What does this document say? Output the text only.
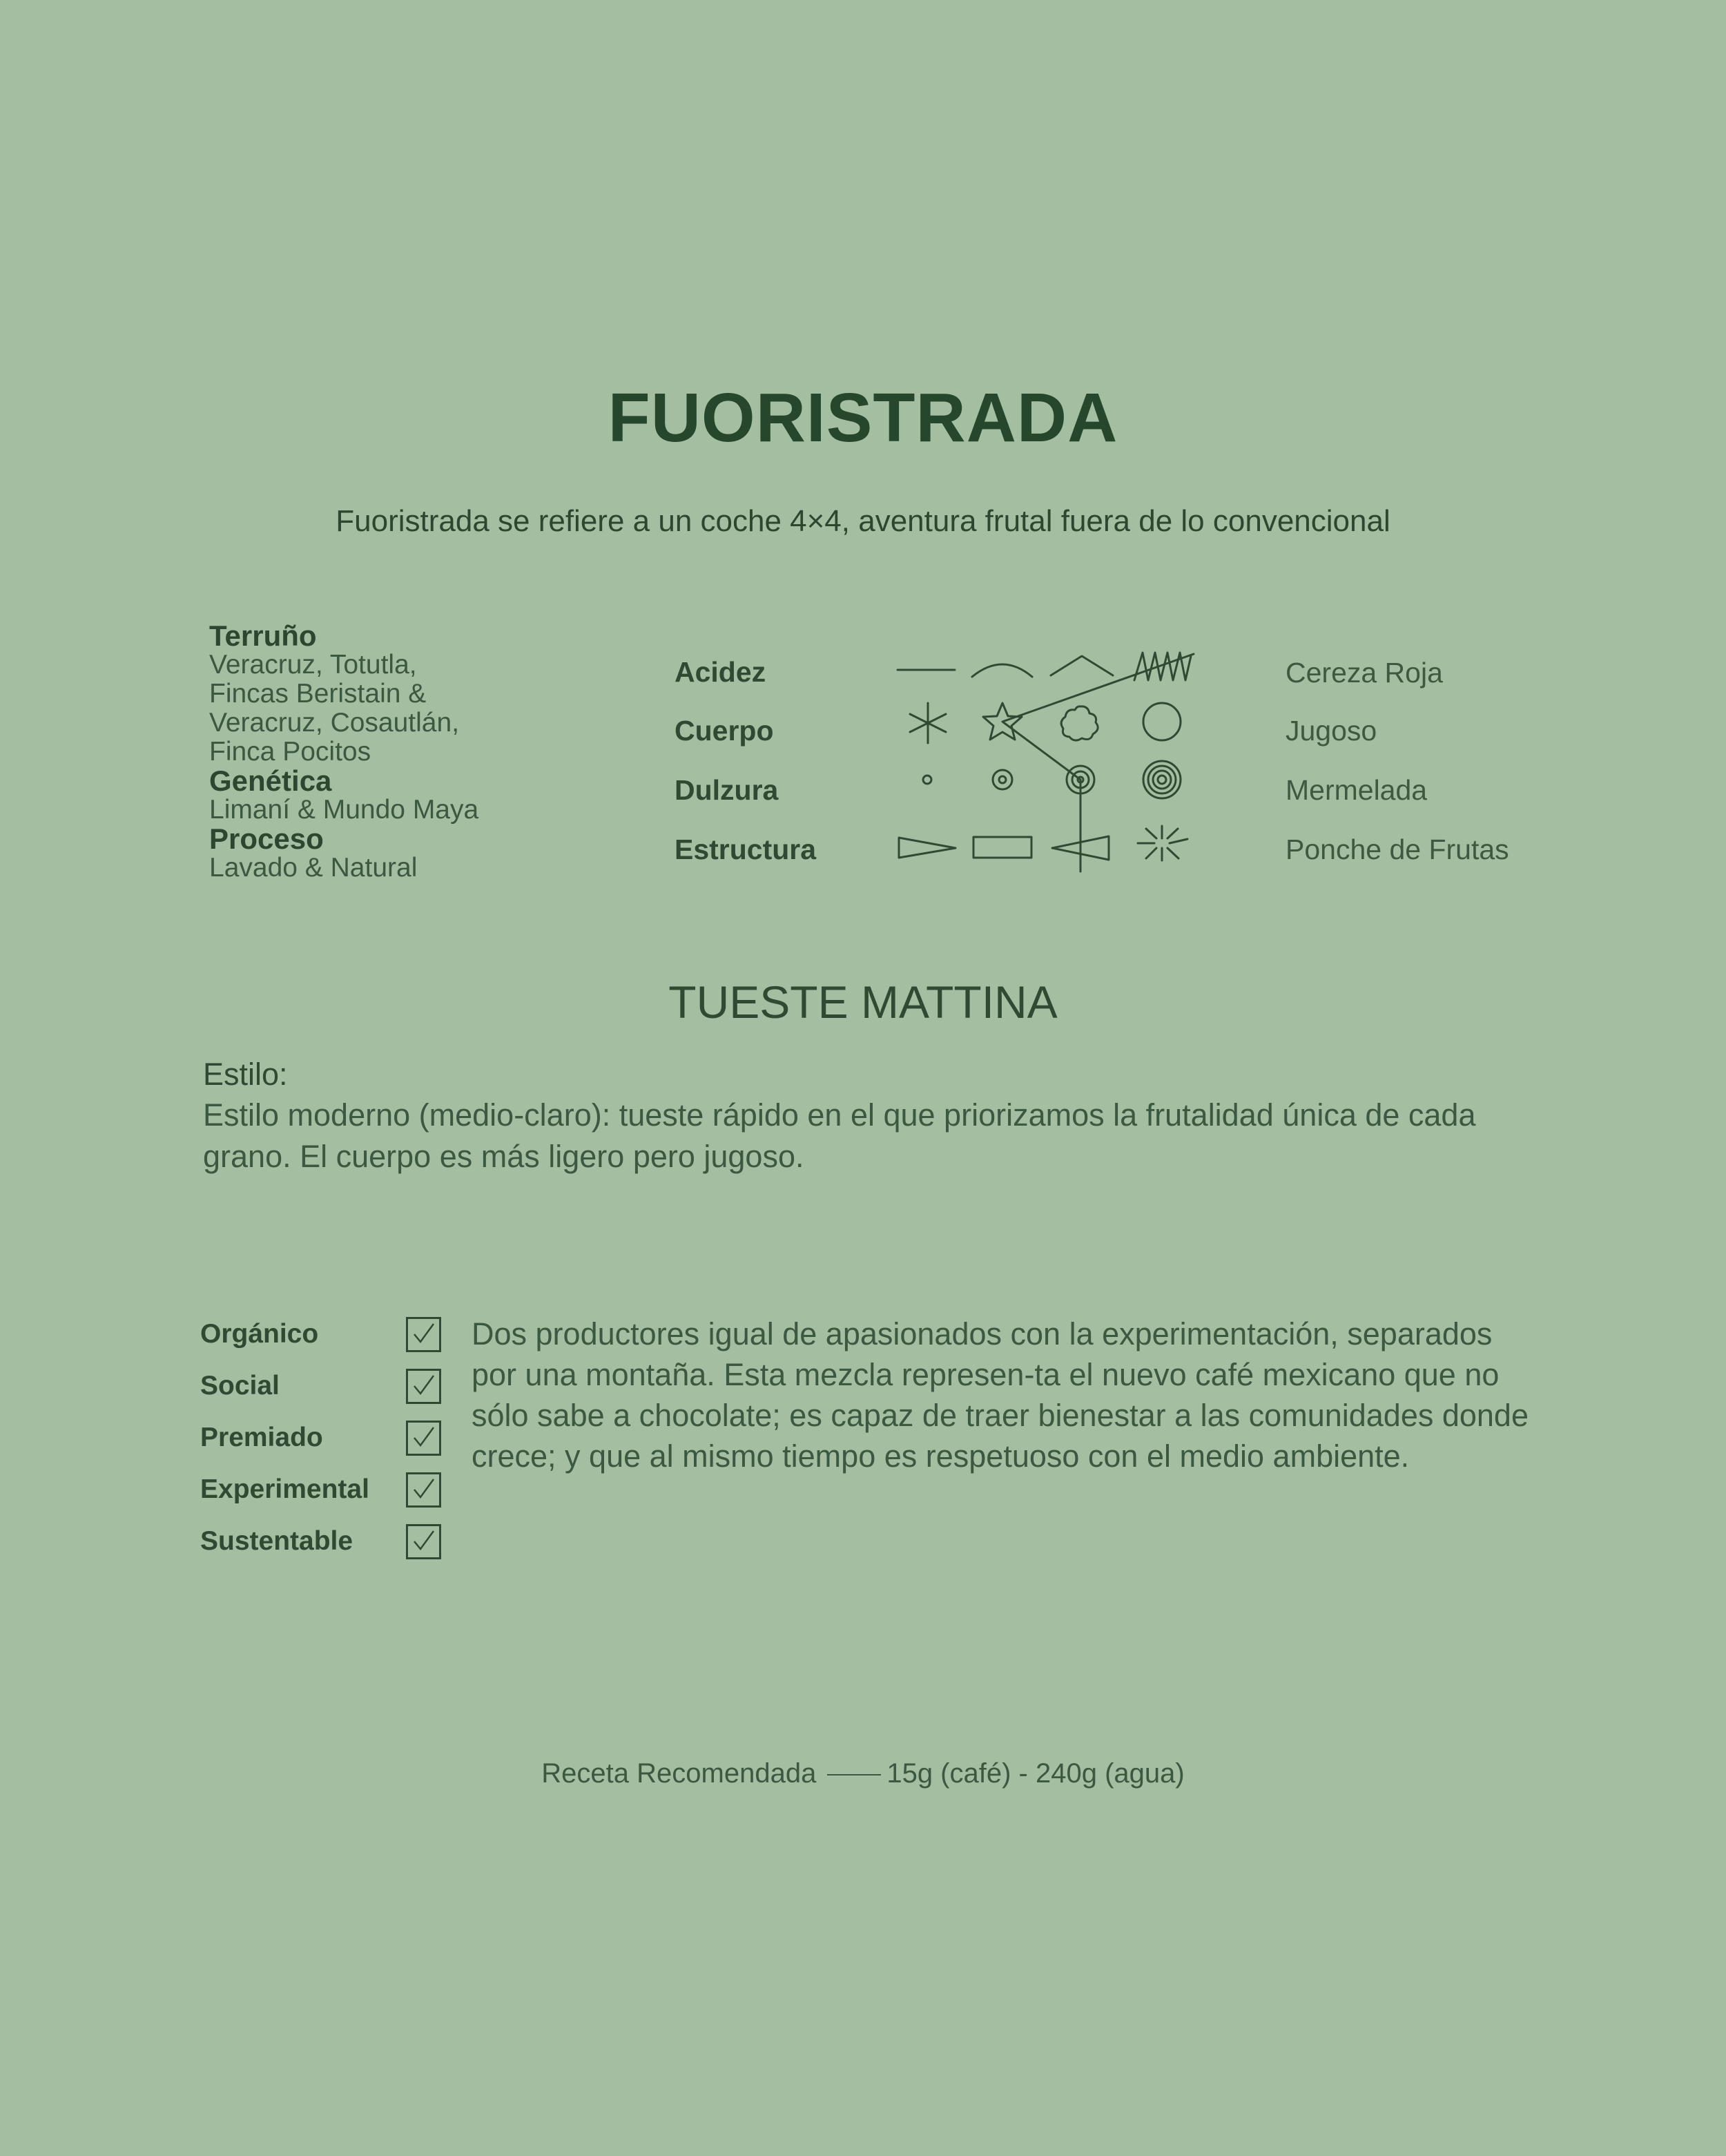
FUORISTRADA
Fuoristrada se refiere a un coche 4×4, aventura frutal fuera de lo convencional
Terruño
Veracruz, Totutla,
Fincas Beristain &
Veracruz, Cosautlán,
Finca Pocitos
Genética
Limaní & Mundo Maya
Proceso
Lavado & Natural
Acidez
Cuerpo
Dulzura
Estructura
Cereza Roja
Jugoso
Mermelada
Ponche de Frutas
TUESTE MATTINA
Estilo:
Estilo moderno (medio-claro): tueste rápido en el que priorizamos la frutalidad única de cada grano. El cuerpo es más ligero pero jugoso.
Orgánico
Social
Premiado
Experimental
Sustentable
Dos productores igual de apasionados con la experimentación, separados por una montaña. Esta mezcla represen-ta el nuevo café mexicano que no sólo sabe a chocolate; es capaz de traer bienestar a las comunidades donde crece; y que al mismo tiempo es respetuoso con el medio ambiente.
Receta Recomendada	15g (café) - 240g (agua)
